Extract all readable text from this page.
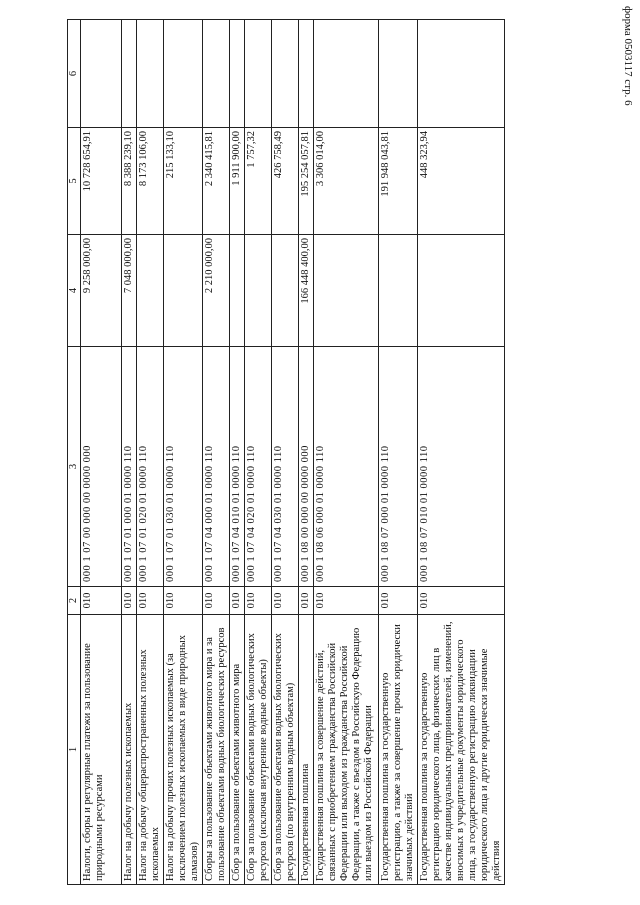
форма 0503117 стр. 6
1	2	3	4	5	6
Налоги, сборы и регулярные платежи за пользование природными ресурсами	010	000 1 07 00 000 00 0000 000	9 258 000,00	10 728 654,91	
Налог на добычу полезных ископаемых	010	000 1 07 01 000 01 0000 110	7 048 000,00	8 388 239,10	
Налог на добычу общераспространенных полезных ископаемых	010	000 1 07 01 020 01 0000 110		8 173 106,00	
Налог на добычу прочих полезных ископаемых (за исключением полезных ископаемых в виде природных алмазов)	010	000 1 07 01 030 01 0000 110		215 133,10	
Сборы за пользование объектами животного мира и за пользование объектами водных биологических ресурсов	010	000 1 07 04 000 01 0000 110	2 210 000,00	2 340 415,81	
Сбор за пользование объектами животного мира	010	000 1 07 04 010 01 0000 110		1 911 900,00	
Сбор за пользование объектами водных биологических ресурсов (исключая внутренние водные объекты)	010	000 1 07 04 020 01 0000 110		1 757,32	
Сбор за пользование объектами водных биологических ресурсов (по внутренним водным объектам)	010	000 1 07 04 030 01 0000 110		426 758,49	
Государственная пошлина	010	000 1 08 00 000 00 0000 000	166 448 400,00	195 254 057,81	
Государственная пошлина за совершение действий, связанных с приобретением гражданства Российской Федерации или выходом из гражданства Российской Федерации, а также с въездом в Российскую Федерацию или выездом из Российской Федерации	010	000 1 08 06 000 01 0000 110		3 306 014,00	
Государственная пошлина за государственную регистрацию, а также за совершение прочих юридически значимых действий	010	000 1 08 07 000 01 0000 110		191 948 043,81	
Государственная пошлина за государственную регистрацию юридического лица, физических лиц в качестве индивидуальных предпринимателей, изменений, вносимых в учредительные документы юридического лица, за государственную регистрацию ликвидации юридического лица и другие юридически значимые действия	010	000 1 08 07 010 01 0000 110		448 323,94	
